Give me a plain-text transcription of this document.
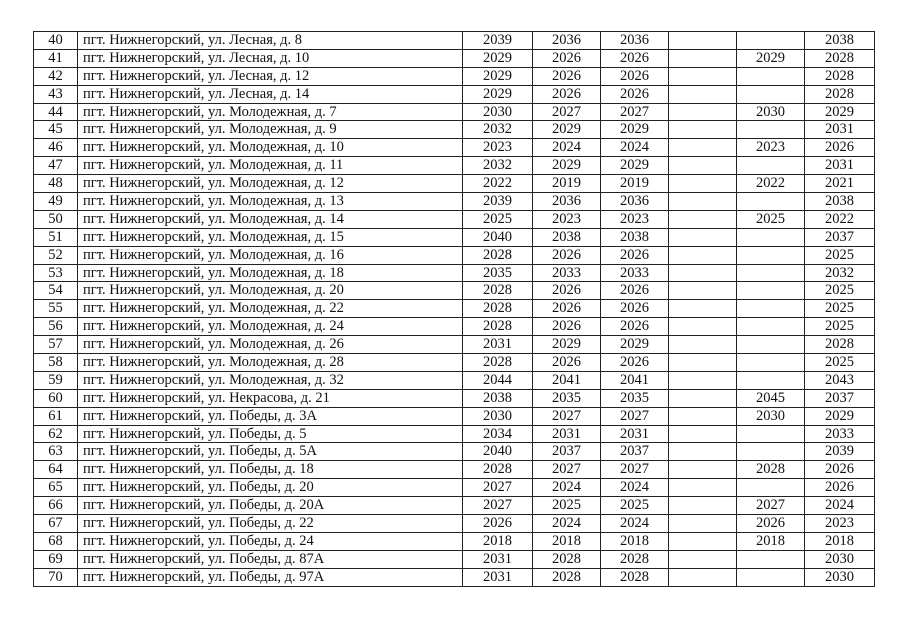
40	пгт. Нижнегорский, ул. Лесная, д. 8	2039	2036	2036			2038
41	пгт. Нижнегорский, ул. Лесная, д. 10	2029	2026	2026		2029	2028
42	пгт. Нижнегорский, ул. Лесная, д. 12	2029	2026	2026			2028
43	пгт. Нижнегорский, ул. Лесная, д. 14	2029	2026	2026			2028
44	пгт. Нижнегорский, ул. Молодежная, д. 7	2030	2027	2027		2030	2029
45	пгт. Нижнегорский, ул. Молодежная, д. 9	2032	2029	2029			2031
46	пгт. Нижнегорский, ул. Молодежная, д. 10	2023	2024	2024		2023	2026
47	пгт. Нижнегорский, ул. Молодежная, д. 11	2032	2029	2029			2031
48	пгт. Нижнегорский, ул. Молодежная, д. 12	2022	2019	2019		2022	2021
49	пгт. Нижнегорский, ул. Молодежная, д. 13	2039	2036	2036			2038
50	пгт. Нижнегорский, ул. Молодежная, д. 14	2025	2023	2023		2025	2022
51	пгт. Нижнегорский, ул. Молодежная, д. 15	2040	2038	2038			2037
52	пгт. Нижнегорский, ул. Молодежная, д. 16	2028	2026	2026			2025
53	пгт. Нижнегорский, ул. Молодежная, д. 18	2035	2033	2033			2032
54	пгт. Нижнегорский, ул. Молодежная, д. 20	2028	2026	2026			2025
55	пгт. Нижнегорский, ул. Молодежная, д. 22	2028	2026	2026			2025
56	пгт. Нижнегорский, ул. Молодежная, д. 24	2028	2026	2026			2025
57	пгт. Нижнегорский, ул. Молодежная, д. 26	2031	2029	2029			2028
58	пгт. Нижнегорский, ул. Молодежная, д. 28	2028	2026	2026			2025
59	пгт. Нижнегорский, ул. Молодежная, д. 32	2044	2041	2041			2043
60	пгт. Нижнегорский, ул. Некрасова, д. 21	2038	2035	2035		2045	2037
61	пгт. Нижнегорский, ул. Победы, д. 3А	2030	2027	2027		2030	2029
62	пгт. Нижнегорский, ул. Победы, д. 5	2034	2031	2031			2033
63	пгт. Нижнегорский, ул. Победы, д. 5А	2040	2037	2037			2039
64	пгт. Нижнегорский, ул. Победы, д. 18	2028	2027	2027		2028	2026
65	пгт. Нижнегорский, ул. Победы, д. 20	2027	2024	2024			2026
66	пгт. Нижнегорский, ул. Победы, д. 20А	2027	2025	2025		2027	2024
67	пгт. Нижнегорский, ул. Победы, д. 22	2026	2024	2024		2026	2023
68	пгт. Нижнегорский, ул. Победы, д. 24	2018	2018	2018		2018	2018
69	пгт. Нижнегорский, ул. Победы, д. 87А	2031	2028	2028			2030
70	пгт. Нижнегорский, ул. Победы, д. 97А	2031	2028	2028			2030
